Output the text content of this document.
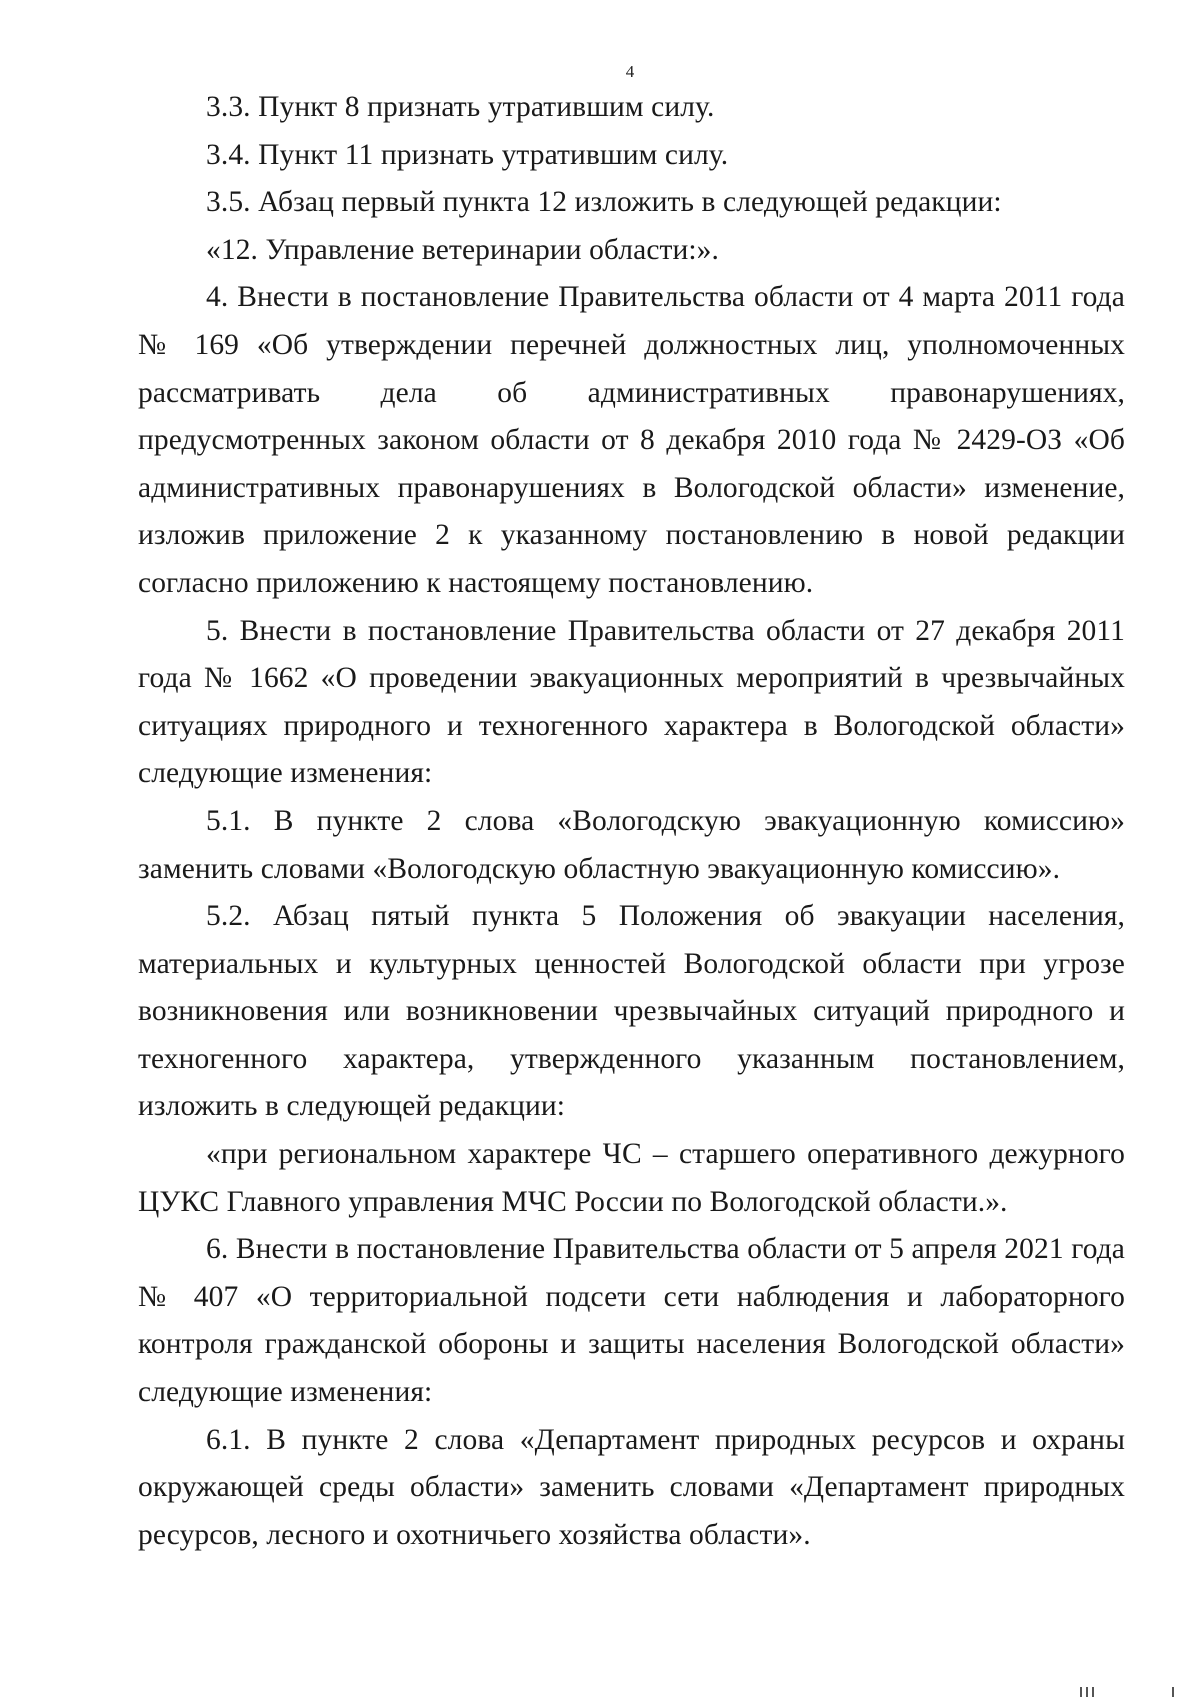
4

3.3. Пункт 8 признать утратившим силу.

3.4. Пункт 11 признать утратившим силу.

3.5. Абзац первый пункта 12 изложить в следующей редакции:

«12. Управление ветеринарии области:».

4. Внести в постановление Правительства области от 4 марта 2011 года № 169 «Об утверждении перечней должностных лиц, уполномоченных рассматривать дела об административных правонарушениях, предусмотренных законом области от 8 декабря 2010 года № 2429-ОЗ «Об административных правонарушениях в Вологодской области» изменение, изложив приложение 2 к указанному постановлению в новой редакции согласно приложению к настоящему постановлению.

5. Внести в постановление Правительства области от 27 декабря 2011 года № 1662 «О проведении эвакуационных мероприятий в чрезвычайных ситуациях природного и техногенного характера в Вологодской области» следующие изменения:

5.1. В пункте 2 слова «Вологодскую эвакуационную комиссию» заменить словами «Вологодскую областную эвакуационную комиссию».

5.2. Абзац пятый пункта 5 Положения об эвакуации населения, материальных и культурных ценностей Вологодской области при угрозе возникновения или возникновении чрезвычайных ситуаций природного и техногенного характера, утвержденного указанным постановлением, изложить в следующей редакции:

«при региональном характере ЧС – старшего оперативного дежурного ЦУКС Главного управления МЧС России по Вологодской области.».

6. Внести в постановление Правительства области от 5 апреля 2021 года № 407 «О территориальной подсети сети наблюдения и лабораторного контроля гражданской обороны и защиты населения Вологодской области» следующие изменения:

6.1. В пункте 2 слова «Департамент природных ресурсов и охраны окружающей среды области» заменить словами «Департамент природных ресурсов, лесного и охотничьего хозяйства области».
